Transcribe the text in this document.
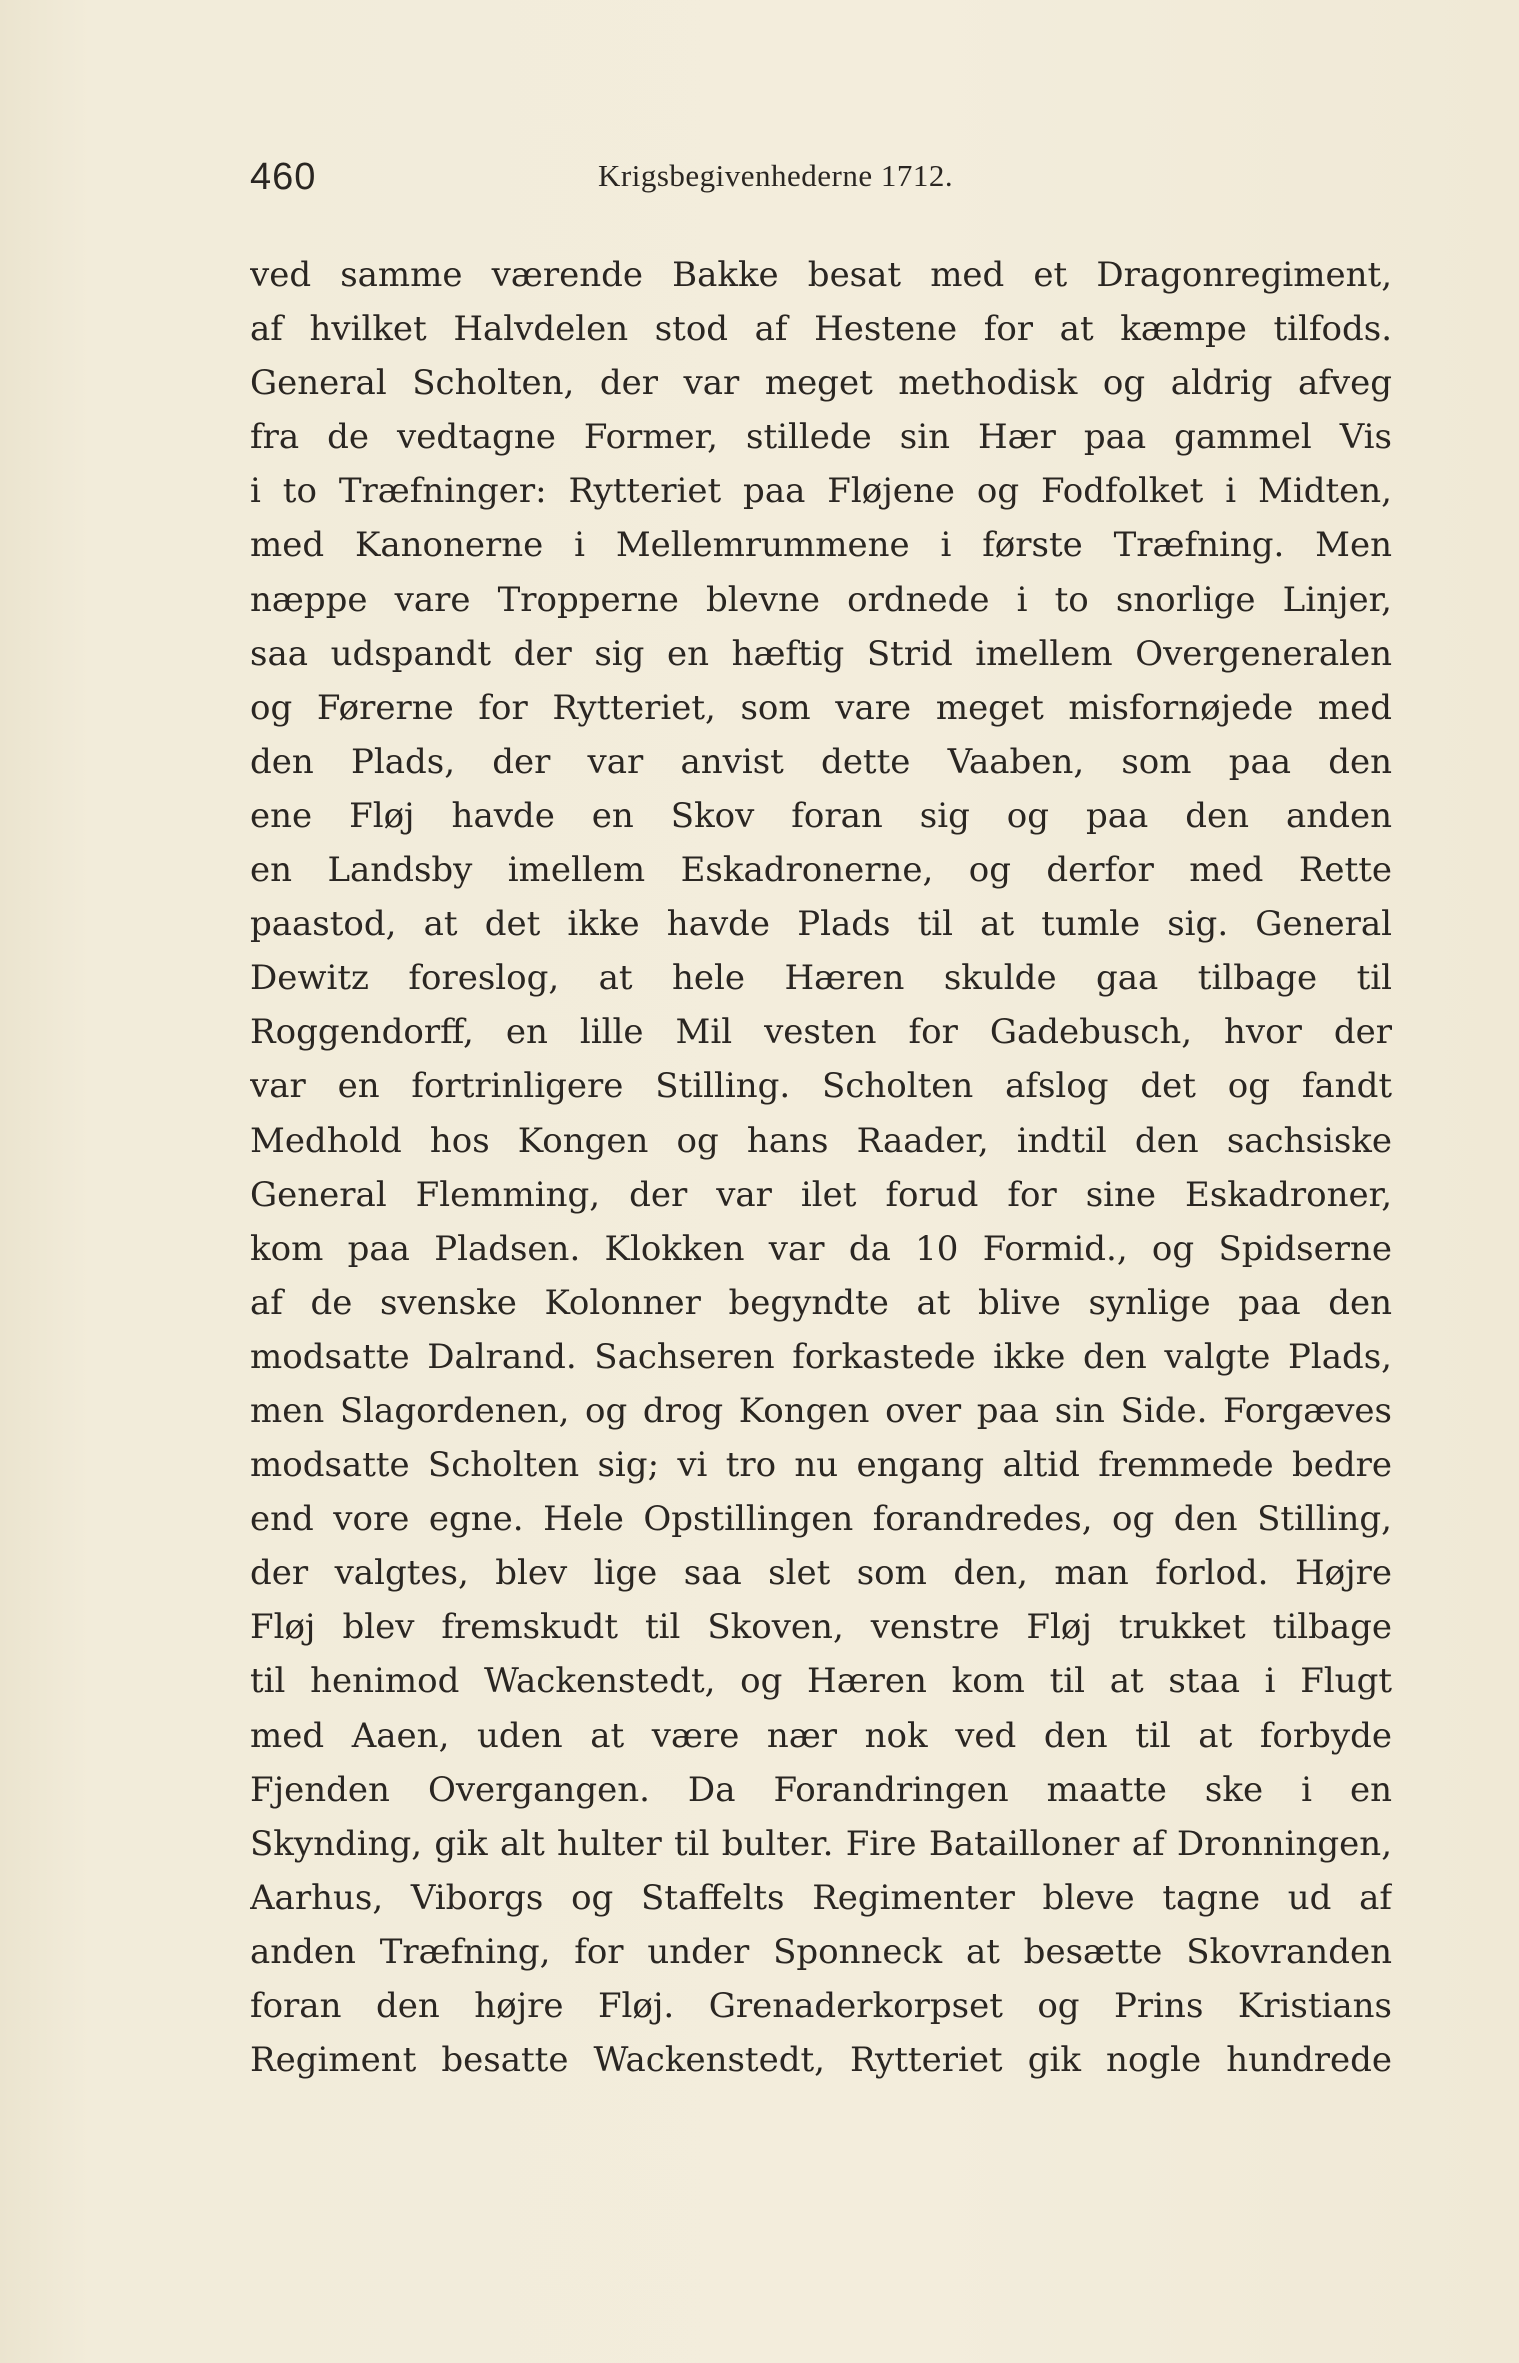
460	Krigsbegivenhederne 1712.
ved samme værende Bakke besat med et Dragonregiment,
af hvilket Halvdelen stod af Hestene for at kæmpe tilfods.
General Scholten, der var meget methodisk og aldrig afveg
fra de vedtagne Former, stillede sin Hær paa gammel Vis
i to Træfninger: Rytteriet paa Fløjene og Fodfolket i Midten,
med Kanonerne i Mellemrummene i første Træfning. Men
næppe vare Tropperne blevne ordnede i to snorlige Linjer,
saa udspandt der sig en hæftig Strid imellem Overgeneralen
og Førerne for Rytteriet, som vare meget misfornøjede med
den Plads, der var anvist dette Vaaben, som paa den
ene Fløj havde en Skov foran sig og paa den anden
en Landsby imellem Eskadronerne, og derfor med Rette
paastod, at det ikke havde Plads til at tumle sig. General
Dewitz foreslog, at hele Hæren skulde gaa tilbage til
Roggendorff, en lille Mil vesten for Gadebusch, hvor der
var en fortrinligere Stilling. Scholten afslog det og fandt
Medhold hos Kongen og hans Raader, indtil den sachsiske
General Flemming, der var ilet forud for sine Eskadroner,
kom paa Pladsen. Klokken var da 10 Formid., og Spidserne
af de svenske Kolonner begyndte at blive synlige paa den
modsatte Dalrand. Sachseren forkastede ikke den valgte Plads,
men Slagordenen, og drog Kongen over paa sin Side. Forgæves
modsatte Scholten sig; vi tro nu engang altid fremmede bedre
end vore egne. Hele Opstillingen forandredes, og den Stilling,
der valgtes, blev lige saa slet som den, man forlod. Højre
Fløj blev fremskudt til Skoven, venstre Fløj trukket tilbage
til henimod Wackenstedt, og Hæren kom til at staa i Flugt
med Aaen, uden at være nær nok ved den til at forbyde
Fjenden Overgangen. Da Forandringen maatte ske i en
Skynding, gik alt hulter til bulter. Fire Batailloner af Dronningen,
Aarhus, Viborgs og Staffelts Regimenter bleve tagne ud af
anden Træfning, for under Sponneck at besætte Skovranden
foran den højre Fløj. Grenaderkorpset og Prins Kristians
Regiment besatte Wackenstedt, Rytteriet gik nogle hundrede
